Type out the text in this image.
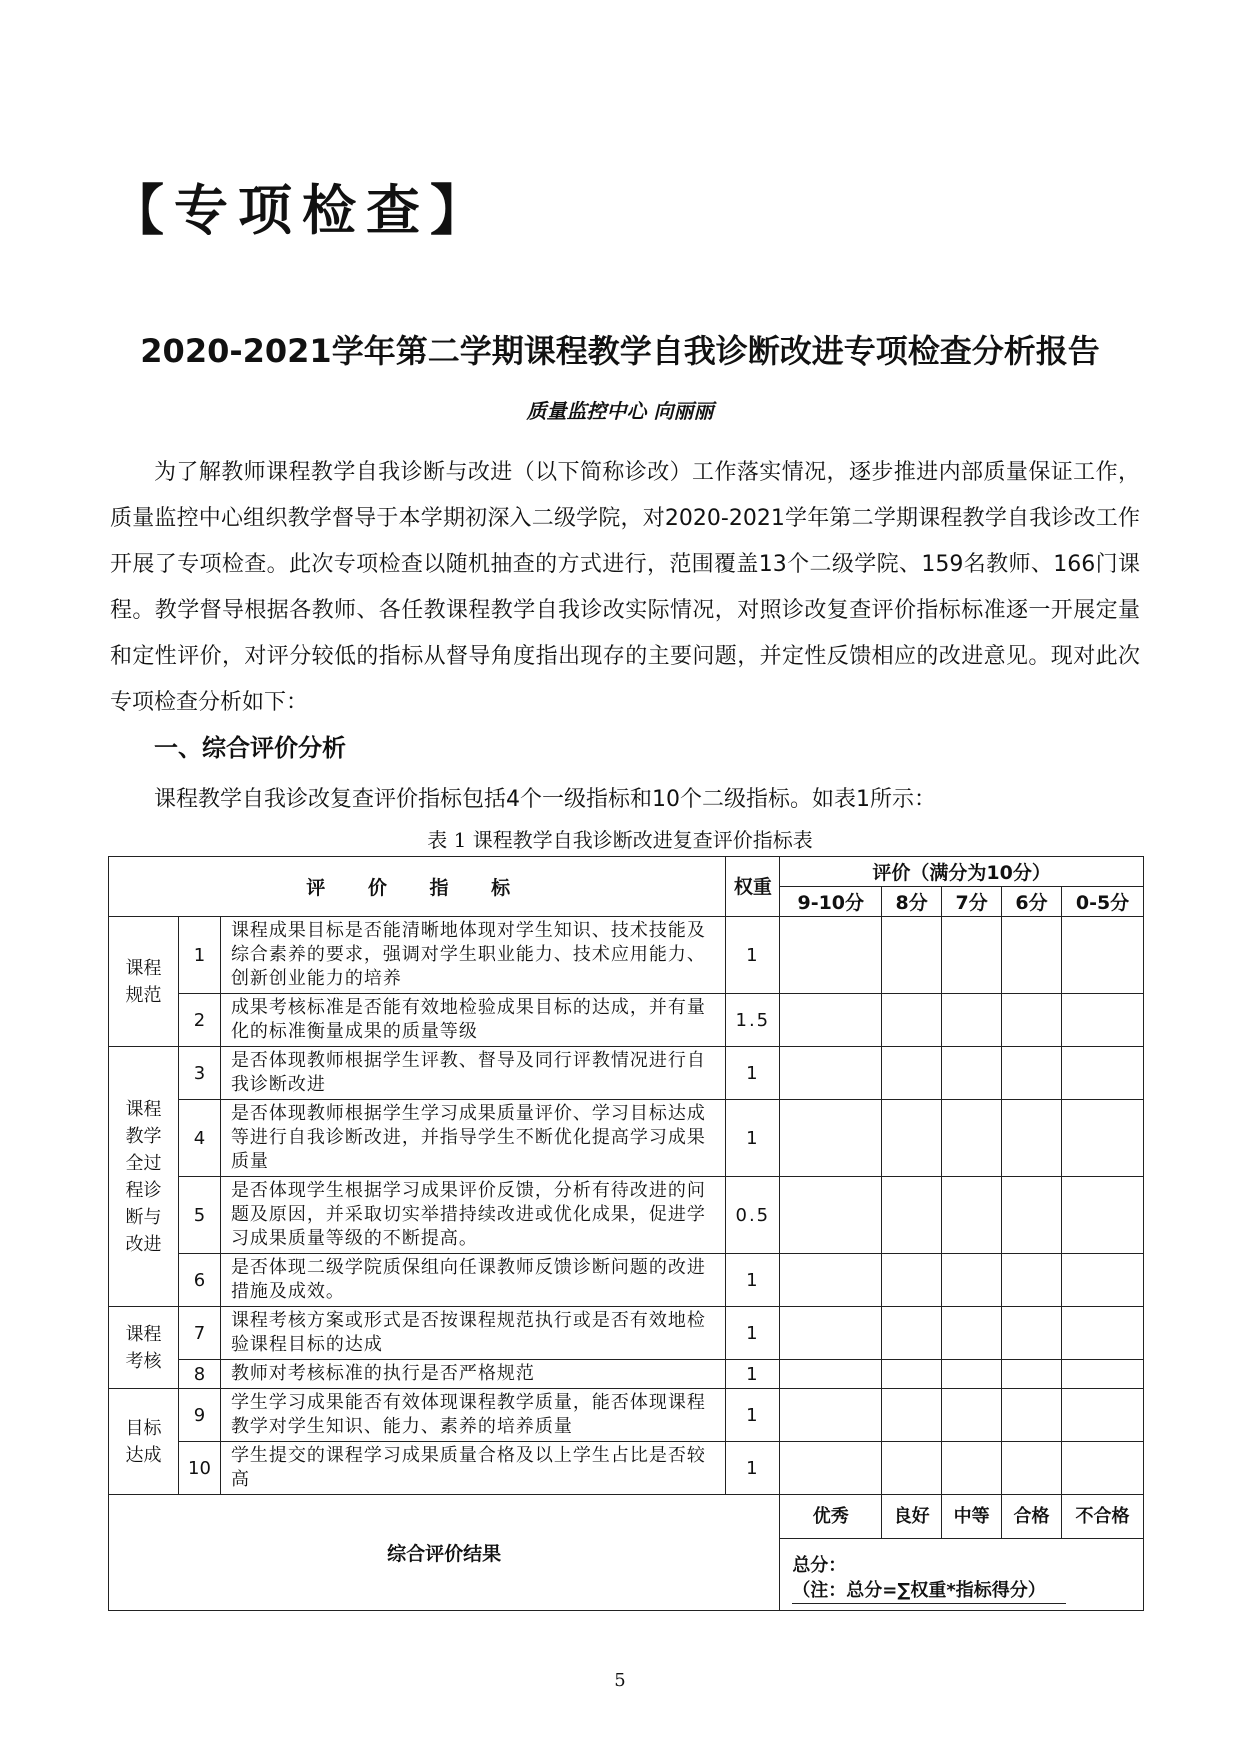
【专项检查】
2020-2021学年第二学期课程教学自我诊断改进专项检查分析报告
质量监控中心 向丽丽

为了解教师课程教学自我诊断与改进（以下简称诊改）工作落实情况，逐步推进内部质量保证工作，质量监控中心组织教学督导于本学期初深入二级学院，对2020-2021学年第二学期课程教学自我诊改工作开展了专项检查。此次专项检查以随机抽查的方式进行，范围覆盖13个二级学院、159名教师、166门课程。教学督导根据各教师、各任教课程教学自我诊改实际情况，对照诊改复查评价指标标准逐一开展定量和定性评价，对评分较低的指标从督导角度指出现存的主要问题，并定性反馈相应的改进意见。现对此次专项检查分析如下：

一、综合评价分析
课程教学自我诊改复查评价指标包括4个一级指标和10个二级指标。如表1所示：
表 1 课程教学自我诊断改进复查评价指标表
评 价 指 标			权重	评价（满分为10分）				
				9-10分	8分	7分	6分	0-5分

课程规范	1	课程成果目标是否能清晰地体现对学生知识、技术技能及综合素养的要求，强调对学生职业能力、技术应用能力、创新创业能力的培养	1					
	2	成果考核标准是否能有效地检验成果目标的达成，并有量化的标准衡量成果的质量等级	1.5					

课程教学全过程诊断与改进	3	是否体现教师根据学生评教、督导及同行评教情况进行自我诊断改进	1					
	4	是否体现教师根据学生学习成果质量评价、学习目标达成等进行自我诊断改进，并指导学生不断优化提高学习成果质量	1					
	5	是否体现学生根据学习成果评价反馈，分析有待改进的问题及原因，并采取切实举措持续改进或优化成果，促进学习成果质量等级的不断提高。	0.5					
	6	是否体现二级学院质保组向任课教师反馈诊断问题的改进措施及成效。	1					

课程考核	7	课程考核方案或形式是否按课程规范执行或是否有效地检验课程目标的达成	1					
	8	教师对考核标准的执行是否严格规范	1					

目标达成	9	学生学习成果能否有效体现课程教学质量，能否体现课程教学对学生知识、能力、素养的培养质量	1					
	10	学生提交的课程学习成果质量合格及以上学生占比是否较高	1					
综合评价结果				优秀	良好	中等	合格	不合格
				总分：
（注：总分=∑权重*指标得分）				
5
